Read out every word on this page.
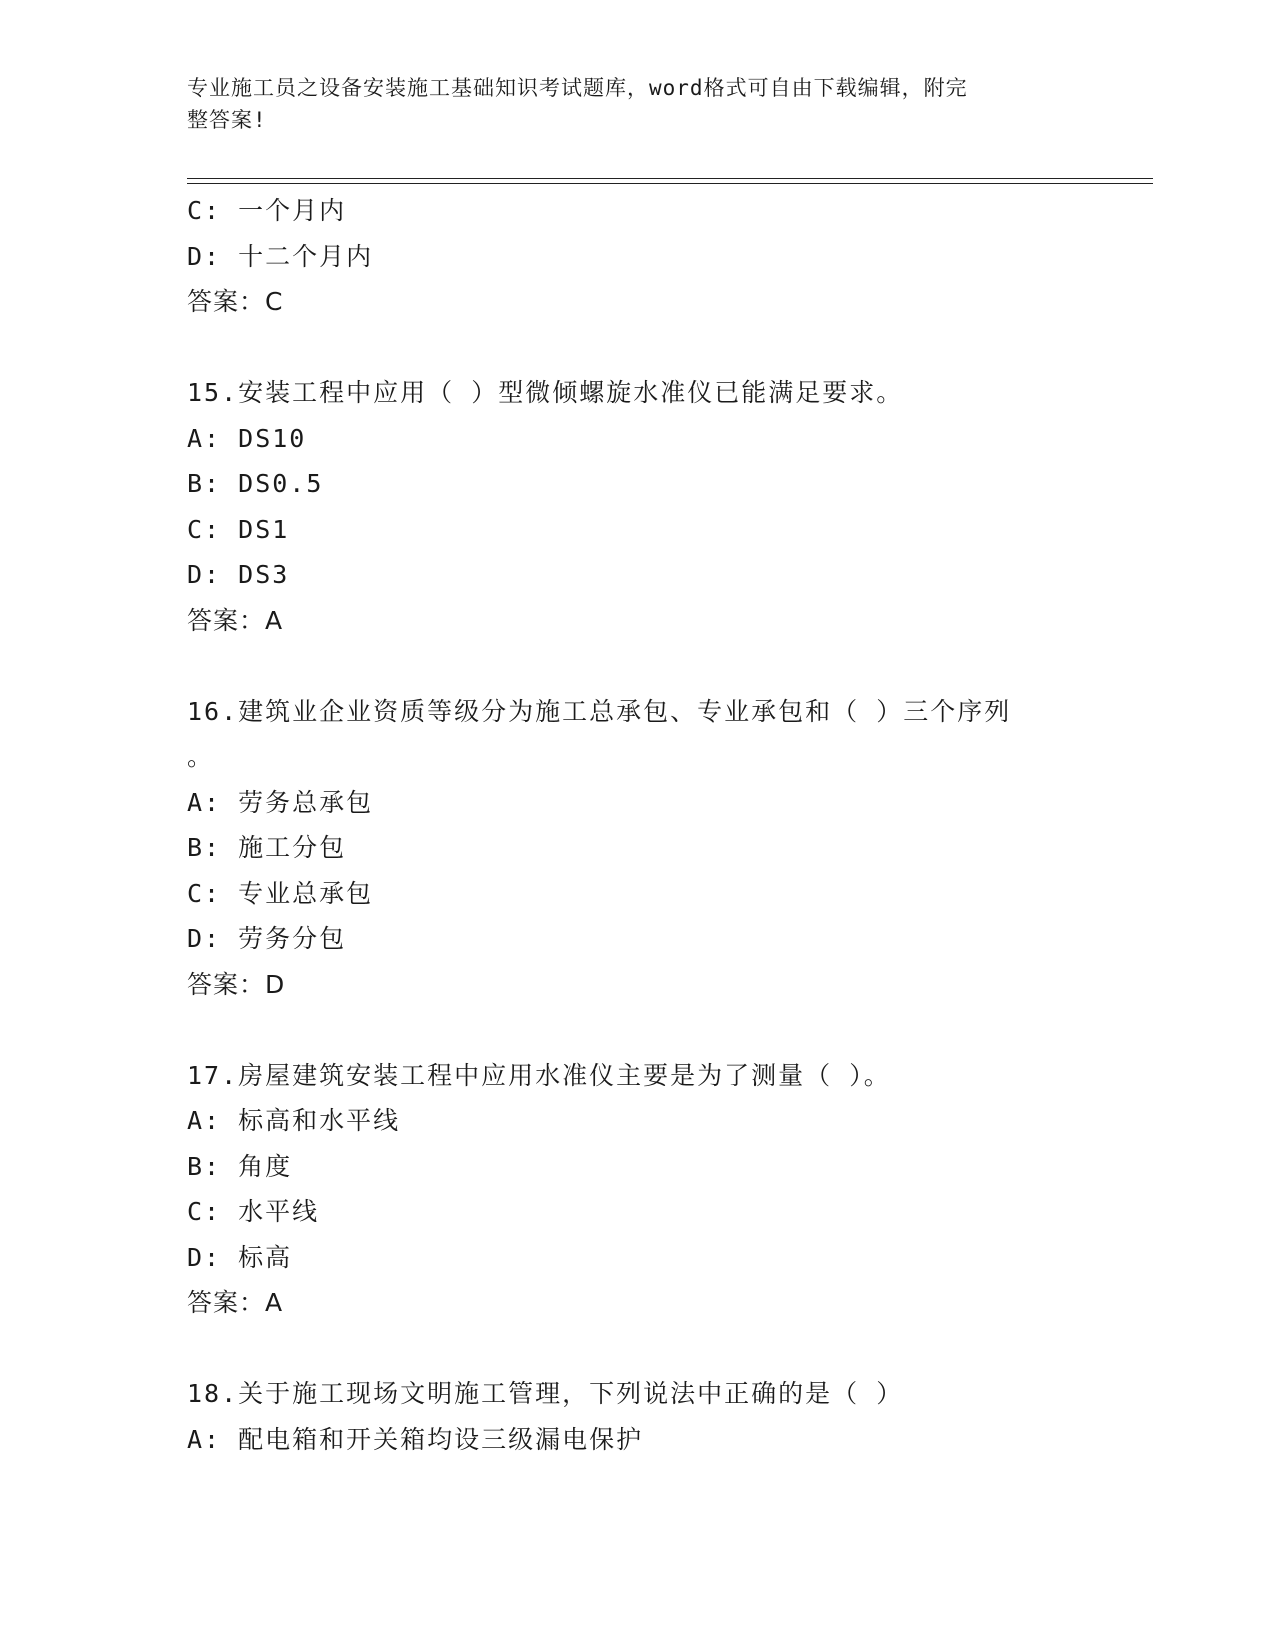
专业施工员之设备安装施工基础知识考试题库，word格式可自由下载编辑，附完
整答案!
C: 一个月内
D: 十二个月内
答案：C
15.安装工程中应用（ ）型微倾螺旋水准仪已能满足要求。
A: DS10
B: DS0.5
C: DS1
D: DS3
答案：A
16.建筑业企业资质等级分为施工总承包、专业承包和（ ）三个序列
。
A: 劳务总承包
B: 施工分包
C: 专业总承包
D: 劳务分包
答案：D
17.房屋建筑安装工程中应用水准仪主要是为了测量（ ）。
A: 标高和水平线
B: 角度
C: 水平线
D: 标高
答案：A
18.关于施工现场文明施工管理，下列说法中正确的是（ ）
A: 配电箱和开关箱均设三级漏电保护
